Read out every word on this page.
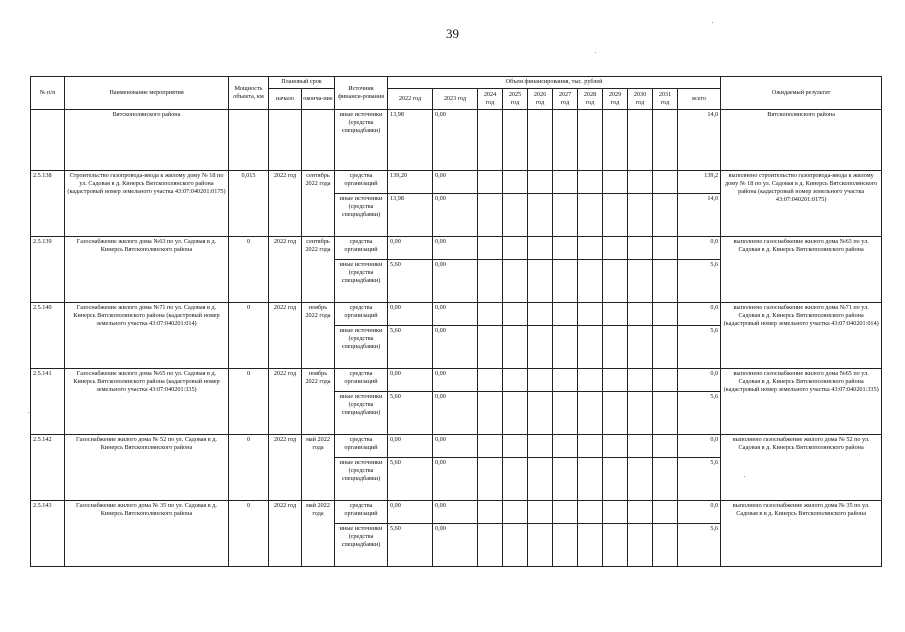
39
№ п/п	Наименование мероприятия	Мощность объекта, км	Плановый срок		Источник финанси-рования	Объем финансирования, тыс. рублей											Ожидаемый результат
			начало	оконча-ние		2022 год	2023 год	2024 год	2025 год	2026 год	2027 год	2028 год	2029 год	2030 год	2031 год	всего	
	Вятскополянского района				иные источники (средства спецнадбавки)	13,98	0,00									14,0	Вятскополянского района
2.5.138	Строительство газопровода-ввода к жилому дому № 18 по ул. Садовая в д. Кинерсь Вятскополянского района (кадастровый номер земельного участка 43:07:040201:0175)	0,015	2022 год	сентябрь 2022 года	средства организаций	139,20	0,00									139,2	выполнено строительство газопровода-ввода к жилому дому № 18 по ул. Садовая в д. Кинерсь Вятскополянского района (кадастровый номер земельного участка 43:07:040201:0175)
					иные источники (средства спецнадбавки)	13,98	0,00									14,0	
2.5.139	Газоснабжение жилого дома №63 по ул. Садовая в д. Кинерсь Вятскополянского района	0	2022 год	сентябрь 2022 года	средства организаций	0,00	0,00									0,0	выполнено газоснабжение жилого дома №63 по ул. Садовая в д. Кинерсь Вятскополянского района
					иные источники (средства спецнадбавки)	5,60	0,00									5,6	
2.5.140	Газоснабжение жилого дома №71 по ул. Садовая в д. Кинерсь Вятскополянского района (кадастровый номер земельного участка 43:07:040201:014)	0	2022 год	ноябрь 2022 года	средства организаций	0,00	0,00									0,0	выполнено газоснабжение жилого дома №71 по ул. Садовая в д. Кинерсь Вятскополянского района (кадастровый номер земельного участка 43:07:040201:014)
					иные источники (средства спецнадбавки)	5,60	0,00									5,6	
2.5.141	Газоснабжение жилого дома №65 по ул. Садовая в д. Кинерсь Вятскополянского района (кадастровый номер земельного участка 43:07:040201:335)	0	2022 год	ноябрь 2022 года	средства организаций	0,00	0,00									0,0	выполнено газоснабжение жилого дома №65 по ул. Садовая в д. Кинерсь Вятскополянского района (кадастровый номер земельного участка 43:07:040201:335)
					иные источники (средства спецнадбавки)	5,60	0,00									5,6	
2.5.142	Газоснабжение жилого дома № 52 по ул. Садовая в д. Кинерсь Вятскополянского района	0	2022 год	май 2022 года	средства организаций	0,00	0,00									0,0	выполнено газоснабжение жилого дома № 52 по ул. Садовая в д. Кинерсь Вятскополянского района
					иные источники (средства спецнадбавки)	5,60	0,00									5,6	
2.5.143	Газоснабжение жилого дома № 35 по ул. Садовая в д. Кинерсь Вятскополянского района	0	2022 год	май 2022 года	средства организаций	0,00	0,00									0,0	выполнено газоснабжение жилого дома № 35 по ул. Садовая в в д. Кинерсь Вятскополянского района
					иные источники (средства спецнадбавки)	5,60	0,00									5,6	
